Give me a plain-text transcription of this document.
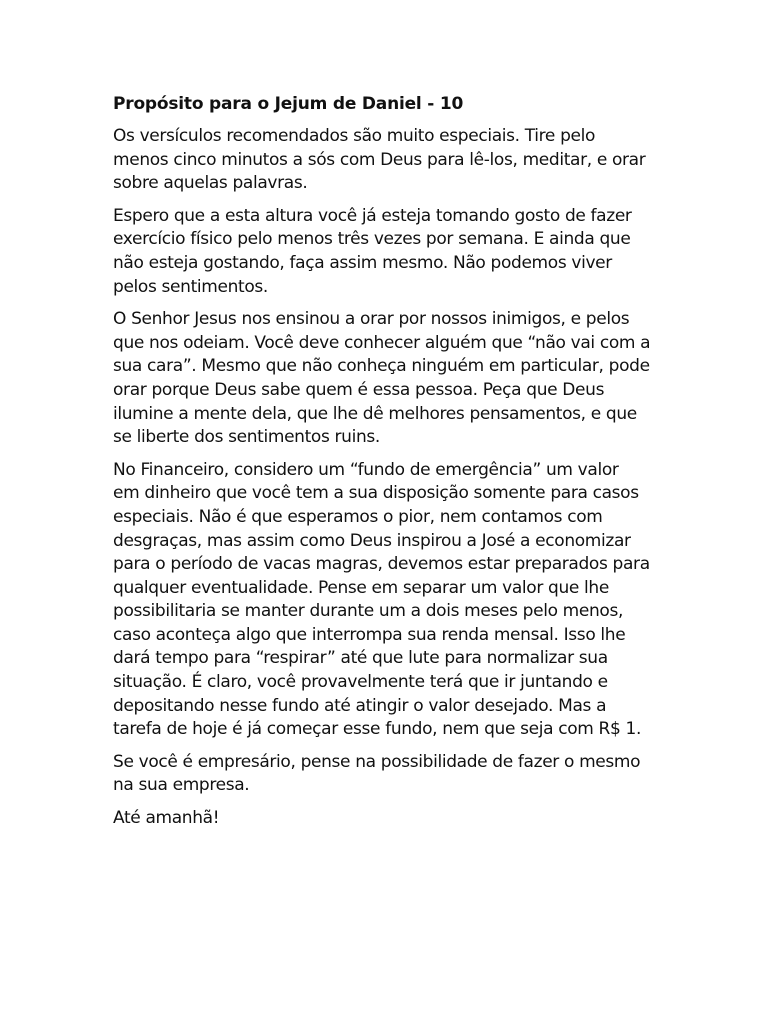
Propósito para o Jejum de Daniel - 10

Os versículos recomendados são muito especiais. Tire pelo
menos cinco minutos a sós com Deus para lê-los, meditar, e orar
sobre aquelas palavras.

Espero que a esta altura você já esteja tomando gosto de fazer
exercício físico pelo menos três vezes por semana. E ainda que
não esteja gostando, faça assim mesmo. Não podemos viver
pelos sentimentos.

O Senhor Jesus nos ensinou a orar por nossos inimigos, e pelos
que nos odeiam. Você deve conhecer alguém que “não vai com a
sua cara”. Mesmo que não conheça ninguém em particular, pode
orar porque Deus sabe quem é essa pessoa. Peça que Deus
ilumine a mente dela, que lhe dê melhores pensamentos, e que
se liberte dos sentimentos ruins.

No Financeiro, considero um “fundo de emergência” um valor
em dinheiro que você tem a sua disposição somente para casos
especiais. Não é que esperamos o pior, nem contamos com
desgraças, mas assim como Deus inspirou a José a economizar
para o período de vacas magras, devemos estar preparados para
qualquer eventualidade. Pense em separar um valor que lhe
possibilitaria se manter durante um a dois meses pelo menos,
caso aconteça algo que interrompa sua renda mensal. Isso lhe
dará tempo para “respirar” até que lute para normalizar sua
situação. É claro, você provavelmente terá que ir juntando e
depositando nesse fundo até atingir o valor desejado. Mas a
tarefa de hoje é já começar esse fundo, nem que seja com R$ 1.

Se você é empresário, pense na possibilidade de fazer o mesmo
na sua empresa.

Até amanhã!
